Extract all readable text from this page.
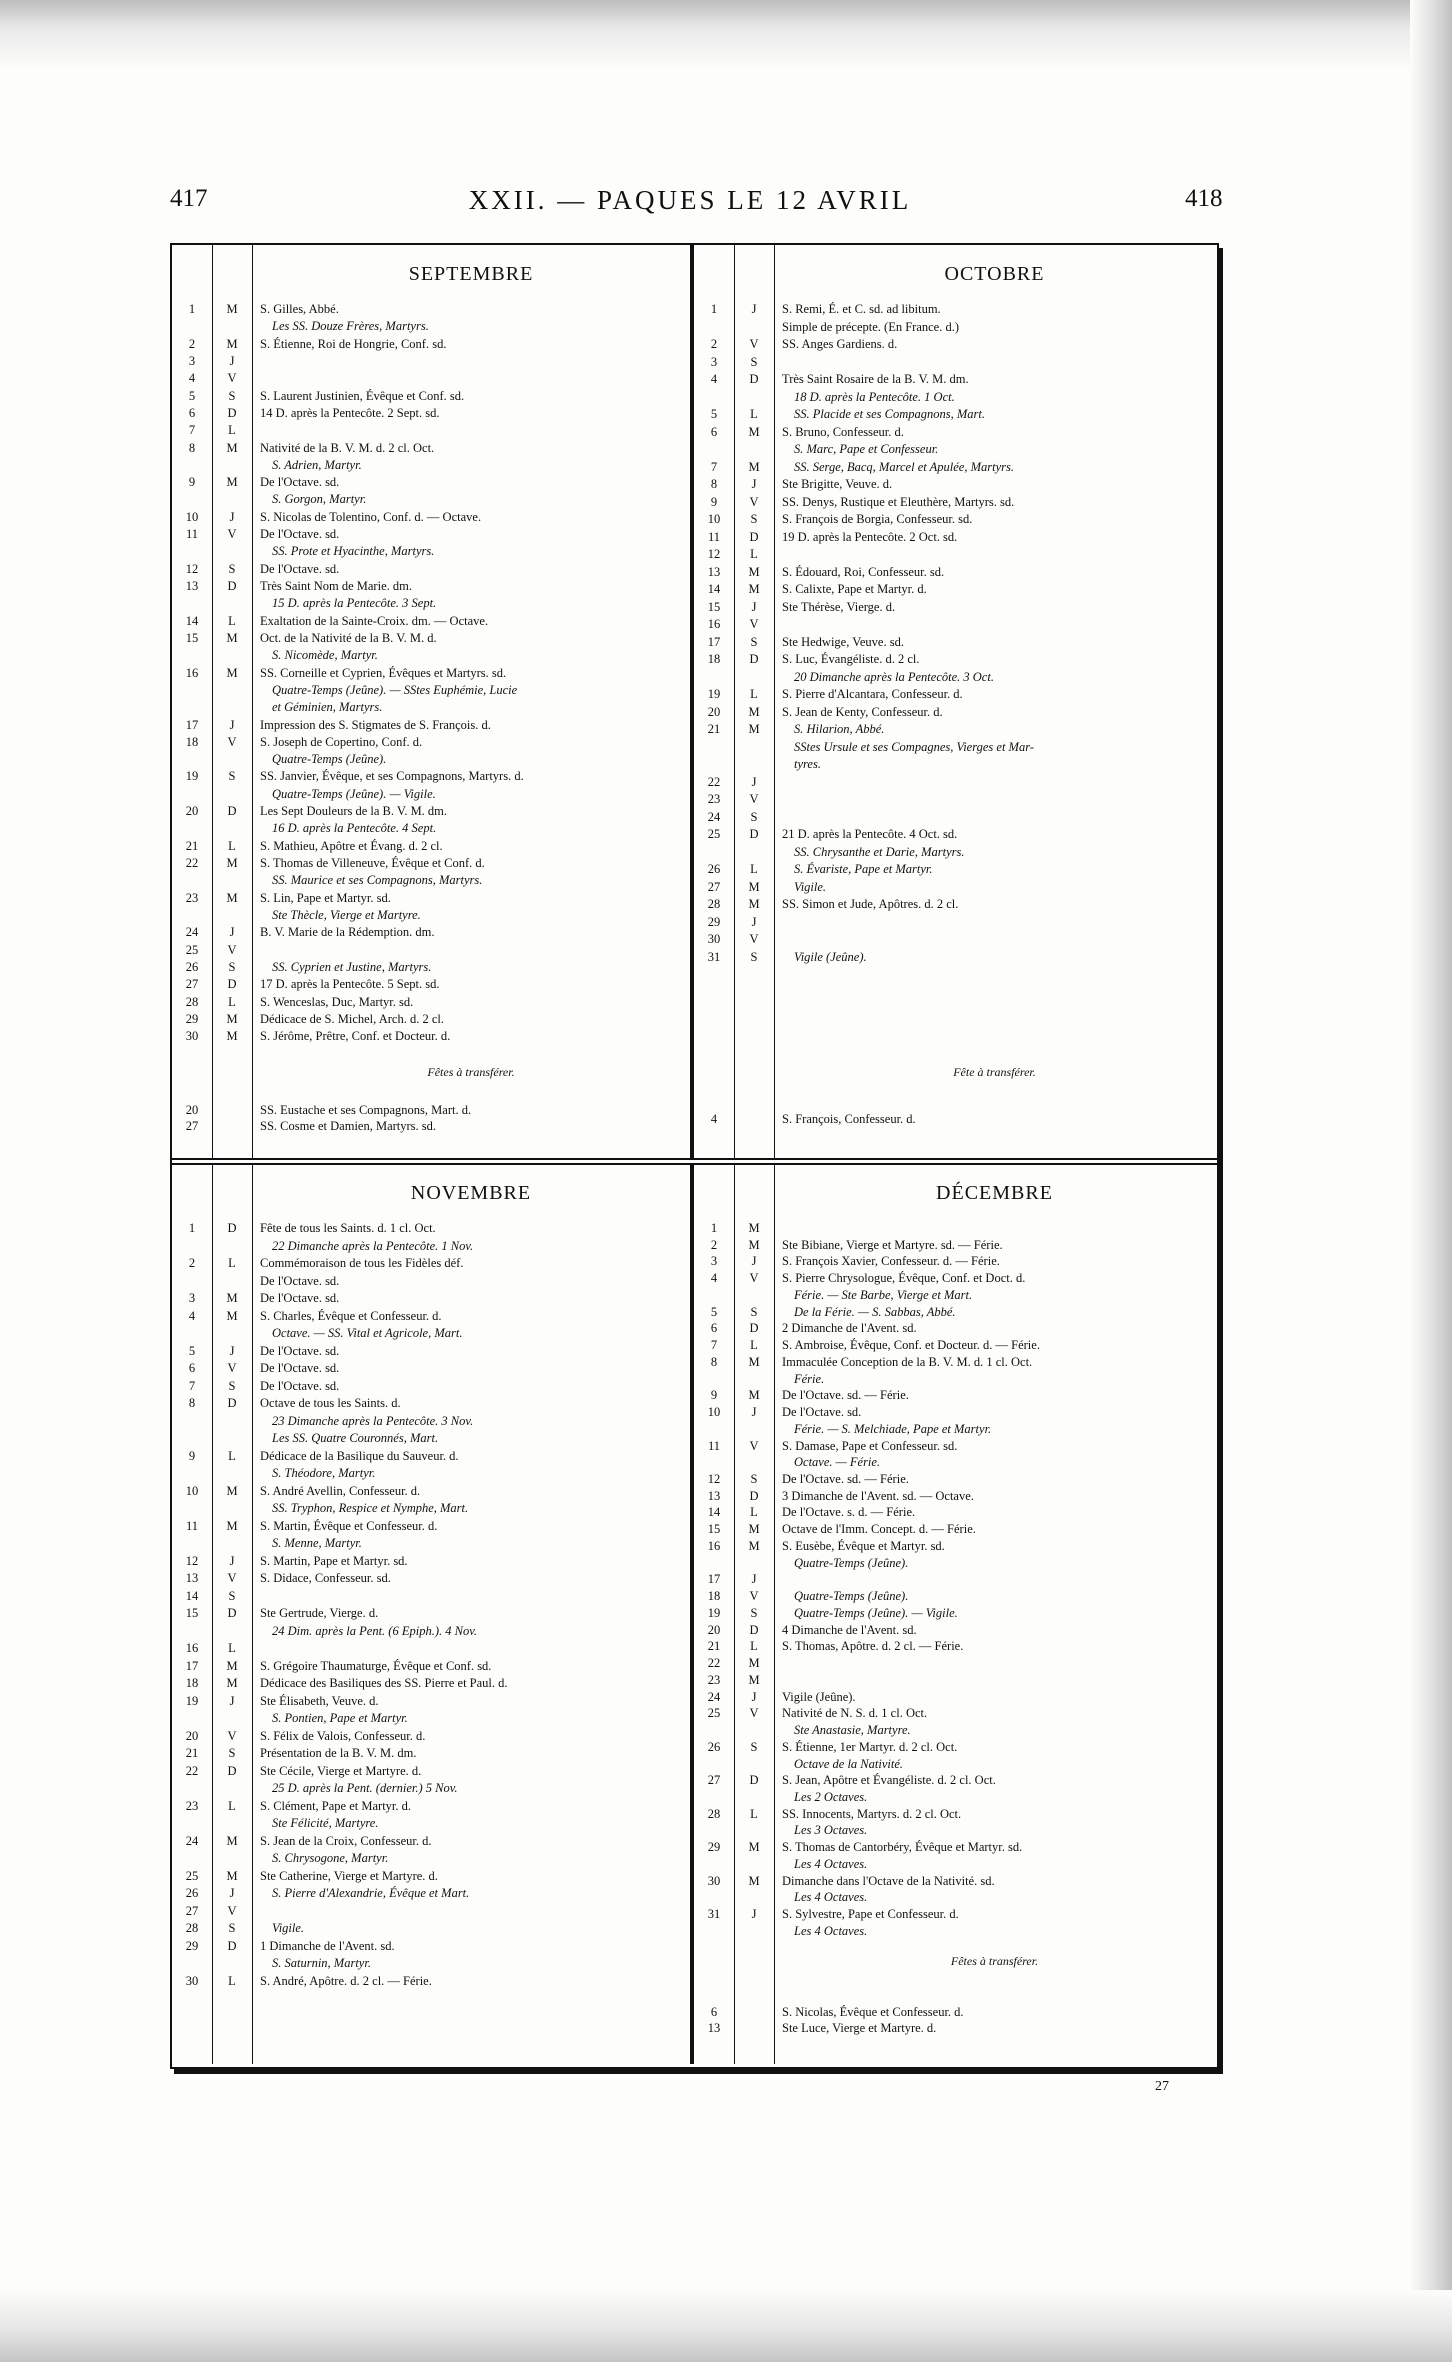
417	XXII. — PAQUES LE 12 AVRIL	418
SEPTEMBRE
1	M	S. Gilles, Abbé.
Les SS. Douze Frères, Martyrs.
2	M	S. Étienne, Roi de Hongrie, Conf. sd.
3	J
4	V
5	S	S. Laurent Justinien, Évêque et Conf. sd.
6	D	14 D. après la Pentecôte. 2 Sept. sd.
7	L
8	M	Nativité de la B. V. M. d. 2 cl. Oct.
S. Adrien, Martyr.
9	M	De l'Octave. sd.
S. Gorgon, Martyr.
10	J	S. Nicolas de Tolentino, Conf. d. — Octave.
11	V	De l'Octave. sd.
SS. Prote et Hyacinthe, Martyrs.
12	S	De l'Octave. sd.
13	D	Très Saint Nom de Marie. dm.
15 D. après la Pentecôte. 3 Sept.
14	L	Exaltation de la Sainte-Croix. dm. — Octave.
15	M	Oct. de la Nativité de la B. V. M. d.
S. Nicomède, Martyr.
16	M	SS. Corneille et Cyprien, Évêques et Martyrs. sd.
Quatre-Temps (Jeûne). — SStes Euphémie, Lucie
et Géminien, Martyrs.
17	J	Impression des S. Stigmates de S. François. d.
18	V	S. Joseph de Copertino, Conf. d.
Quatre-Temps (Jeûne).
19	S	SS. Janvier, Évêque, et ses Compagnons, Martyrs. d.
Quatre-Temps (Jeûne). — Vigile.
20	D	Les Sept Douleurs de la B. V. M. dm.
16 D. après la Pentecôte. 4 Sept.
21	L	S. Mathieu, Apôtre et Évang. d. 2 cl.
22	M	S. Thomas de Villeneuve, Évêque et Conf. d.
SS. Maurice et ses Compagnons, Martyrs.
23	M	S. Lin, Pape et Martyr. sd.
Ste Thècle, Vierge et Martyre.
24	J	B. V. Marie de la Rédemption. dm.
25	V
26	S	SS. Cyprien et Justine, Martyrs.
27	D	17 D. après la Pentecôte. 5 Sept. sd.
28	L	S. Wenceslas, Duc, Martyr. sd.
29	M	Dédicace de S. Michel, Arch. d. 2 cl.
30	M	S. Jérôme, Prêtre, Conf. et Docteur. d.
Fêtes à transférer.
20	SS. Eustache et ses Compagnons, Mart. d.
27	SS. Cosme et Damien, Martyrs. sd.
OCTOBRE
1	J	S. Remi, É. et C. sd. ad libitum.
Simple de précepte. (En France. d.)
2	V	SS. Anges Gardiens. d.
3	S
4	D	Très Saint Rosaire de la B. V. M. dm.
18 D. après la Pentecôte. 1 Oct.
5	L	SS. Placide et ses Compagnons, Mart.
6	M	S. Bruno, Confesseur. d.
S. Marc, Pape et Confesseur.
7	M	SS. Serge, Bacq, Marcel et Apulée, Martyrs.
8	J	Ste Brigitte, Veuve. d.
9	V	SS. Denys, Rustique et Eleuthère, Martyrs. sd.
10	S	S. François de Borgia, Confesseur. sd.
11	D	19 D. après la Pentecôte. 2 Oct. sd.
12	L
13	M	S. Édouard, Roi, Confesseur. sd.
14	M	S. Calixte, Pape et Martyr. d.
15	J	Ste Thérèse, Vierge. d.
16	V
17	S	Ste Hedwige, Veuve. sd.
18	D	S. Luc, Évangéliste. d. 2 cl.
20 Dimanche après la Pentecôte. 3 Oct.
19	L	S. Pierre d'Alcantara, Confesseur. d.
20	M	S. Jean de Kenty, Confesseur. d.
21	M	S. Hilarion, Abbé.
SStes Ursule et ses Compagnes, Vierges et Mar-
tyres.
22	J
23	V
24	S
25	D	21 D. après la Pentecôte. 4 Oct. sd.
SS. Chrysanthe et Darie, Martyrs.
26	L	S. Évariste, Pape et Martyr.
27	M	Vigile.
28	M	SS. Simon et Jude, Apôtres. d. 2 cl.
29	J
30	V
31	S	Vigile (Jeûne).
Fête à transférer.
4	S. François, Confesseur. d.
NOVEMBRE
1	D	Fête de tous les Saints. d. 1 cl. Oct.
22 Dimanche après la Pentecôte. 1 Nov.
2	L	Commémoraison de tous les Fidèles déf.
De l'Octave. sd.
3	M	De l'Octave. sd.
4	M	S. Charles, Évêque et Confesseur. d.
Octave. — SS. Vital et Agricole, Mart.
5	J	De l'Octave. sd.
6	V	De l'Octave. sd.
7	S	De l'Octave. sd.
8	D	Octave de tous les Saints. d.
23 Dimanche après la Pentecôte. 3 Nov.
Les SS. Quatre Couronnés, Mart.
9	L	Dédicace de la Basilique du Sauveur. d.
S. Théodore, Martyr.
10	M	S. André Avellin, Confesseur. d.
SS. Tryphon, Respice et Nymphe, Mart.
11	M	S. Martin, Évêque et Confesseur. d.
S. Menne, Martyr.
12	J	S. Martin, Pape et Martyr. sd.
13	V	S. Didace, Confesseur. sd.
14	S
15	D	Ste Gertrude, Vierge. d.
24 Dim. après la Pent. (6 Epiph.). 4 Nov.
16	L
17	M	S. Grégoire Thaumaturge, Évêque et Conf. sd.
18	M	Dédicace des Basiliques des SS. Pierre et Paul. d.
19	J	Ste Élisabeth, Veuve. d.
S. Pontien, Pape et Martyr.
20	V	S. Félix de Valois, Confesseur. d.
21	S	Présentation de la B. V. M. dm.
22	D	Ste Cécile, Vierge et Martyre. d.
25 D. après la Pent. (dernier.) 5 Nov.
23	L	S. Clément, Pape et Martyr. d.
Ste Félicité, Martyre.
24	M	S. Jean de la Croix, Confesseur. d.
S. Chrysogone, Martyr.
25	M	Ste Catherine, Vierge et Martyre. d.
26	J	S. Pierre d'Alexandrie, Évêque et Mart.
27	V
28	S	Vigile.
29	D	1 Dimanche de l'Avent. sd.
S. Saturnin, Martyr.
30	L	S. André, Apôtre. d. 2 cl. — Férie.
DÉCEMBRE
1	M
2	M	Ste Bibiane, Vierge et Martyre. sd. — Férie.
3	J	S. François Xavier, Confesseur. d. — Férie.
4	V	S. Pierre Chrysologue, Évêque, Conf. et Doct. d.
Férie. — Ste Barbe, Vierge et Mart.
5	S	De la Férie. — S. Sabbas, Abbé.
6	D	2 Dimanche de l'Avent. sd.
7	L	S. Ambroise, Évêque, Conf. et Docteur. d. — Férie.
8	M	Immaculée Conception de la B. V. M. d. 1 cl. Oct.
Férie.
9	M	De l'Octave. sd. — Férie.
10	J	De l'Octave. sd.
Férie. — S. Melchiade, Pape et Martyr.
11	V	S. Damase, Pape et Confesseur. sd.
Octave. — Férie.
12	S	De l'Octave. sd. — Férie.
13	D	3 Dimanche de l'Avent. sd. — Octave.
14	L	De l'Octave. s. d. — Férie.
15	M	Octave de l'Imm. Concept. d. — Férie.
16	M	S. Eusèbe, Évêque et Martyr. sd.
Quatre-Temps (Jeûne).
17	J
18	V	Quatre-Temps (Jeûne).
19	S	Quatre-Temps (Jeûne). — Vigile.
20	D	4 Dimanche de l'Avent. sd.
21	L	S. Thomas, Apôtre. d. 2 cl. — Férie.
22	M
23	M
24	J	Vigile (Jeûne).
25	V	Nativité de N. S. d. 1 cl. Oct.
Ste Anastasie, Martyre.
26	S	S. Étienne, 1er Martyr. d. 2 cl. Oct.
Octave de la Nativité.
27	D	S. Jean, Apôtre et Évangéliste. d. 2 cl. Oct.
Les 2 Octaves.
28	L	SS. Innocents, Martyrs. d. 2 cl. Oct.
Les 3 Octaves.
29	M	S. Thomas de Cantorbéry, Évêque et Martyr. sd.
Les 4 Octaves.
30	M	Dimanche dans l'Octave de la Nativité. sd.
Les 4 Octaves.
31	J	S. Sylvestre, Pape et Confesseur. d.
Les 4 Octaves.
Fêtes à transférer.
6	S. Nicolas, Évêque et Confesseur. d.
13	Ste Luce, Vierge et Martyre. d.
27
